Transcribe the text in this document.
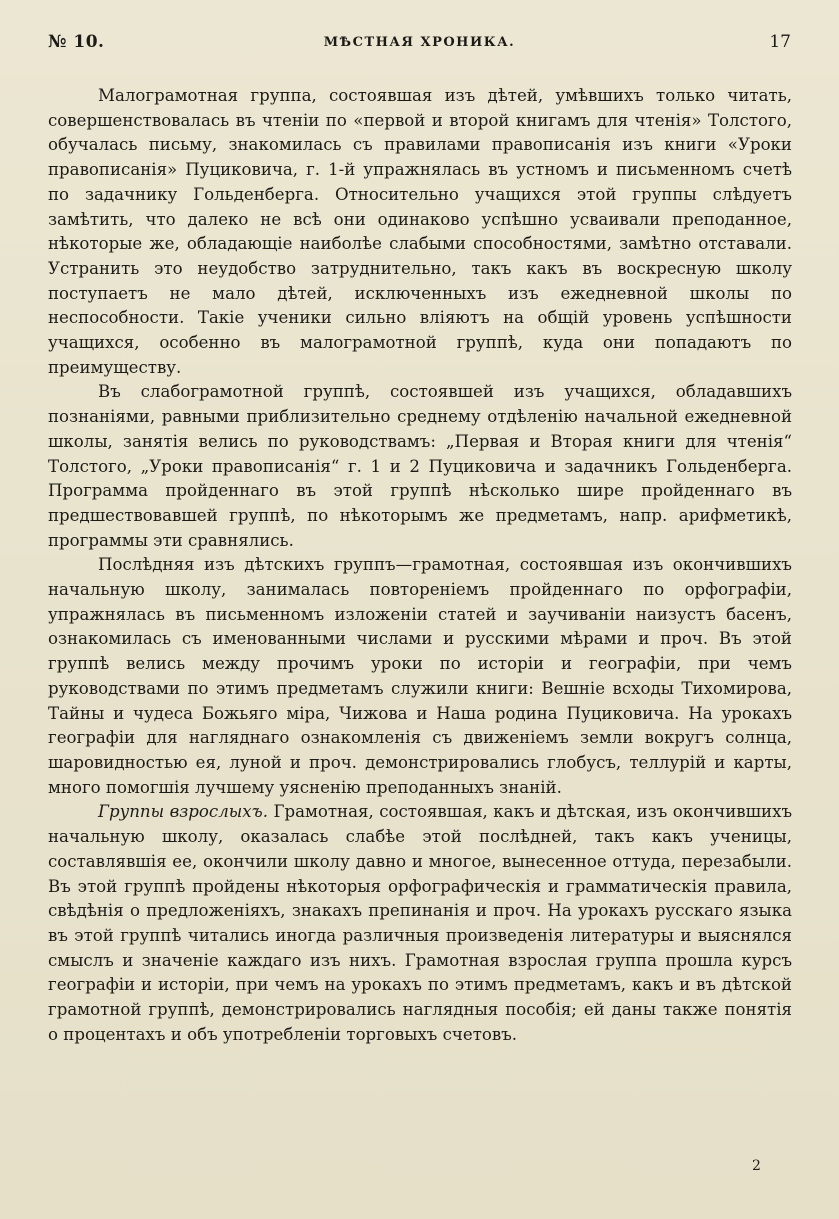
№ 10.	МѢСТНАЯ ХРОНИКА.	17

Малограмотная группа, состоявшая изъ дѣтей, умѣвшихъ только читать, совершенствовалась въ чтеніи по «первой и второй книгамъ для чтенія» Толстого, обучалась письму, знакомилась съ правилами правописанія изъ книги «Уроки правописанія» Пуциковича, г. 1-й упражнялась въ устномъ и письменномъ счетѣ по задачнику Гольденберга. Относительно учащихся этой группы слѣдуетъ замѣтить, что далеко не всѣ они одинаково успѣшно усваивали преподанное, нѣкоторые же, обладающіе наиболѣе слабыми способностями, замѣтно отставали. Устранить это неудобство затруднительно, такъ какъ въ воскресную школу поступаетъ не мало дѣтей, исключенныхъ изъ ежедневной школы по неспособности. Такіе ученики сильно вліяютъ на общій уровень успѣшности учащихся, особенно въ малограмотной группѣ, куда они попадаютъ по преимуществу.

Въ слабограмотной группѣ, состоявшей изъ учащихся, обладавшихъ познаніями, равными приблизительно среднему отдѣленію начальной ежедневной школы, занятія велись по руководствамъ: „Первая и Вторая книги для чтенія“ Толстого, „Уроки правописанія“ г. 1 и 2 Пуциковича и задачникъ Гольденберга. Программа пройденнаго въ этой группѣ нѣсколько шире пройденнаго въ предшествовавшей группѣ, по нѣкоторымъ же предметамъ, напр. арифметикѣ, программы эти сравнялись.

Послѣдняя изъ дѣтскихъ группъ—грамотная, состоявшая изъ окончившихъ начальную школу, занималась повтореніемъ пройденнаго по орфографіи, упражнялась въ письменномъ изложеніи статей и заучиваніи наизустъ басенъ, ознакомилась съ именованными числами и русскими мѣрами и проч. Въ этой группѣ велись между прочимъ уроки по исторіи и географіи, при чемъ руководствами по этимъ предметамъ служили книги: Вешніе всходы Тихомирова, Тайны и чудеса Божьяго міра, Чижова и Наша родина Пуциковича. На урокахъ географіи для нагляднаго ознакомленія съ движеніемъ земли вокругъ солнца, шаровидностью ея, луной и проч. демонстрировались глобусъ, теллурій и карты, много помогшія лучшему уясненію преподанныхъ знаній.

Группы взрослыхъ. Грамотная, состоявшая, какъ и дѣтская, изъ окончившихъ начальную школу, оказалась слабѣе этой послѣдней, такъ какъ ученицы, составлявшія ее, окончили школу давно и многое, вынесенное оттуда, перезабыли. Въ этой группѣ пройдены нѣкоторыя орфографическія и грамматическія правила, свѣдѣнія о предложеніяхъ, знакахъ препинанія и проч. На урокахъ русскаго языка въ этой группѣ читались иногда различныя произведенія литературы и выяснялся смыслъ и значеніе каждаго изъ нихъ. Грамотная взрослая группа прошла курсъ географіи и исторіи, при чемъ на урокахъ по этимъ предметамъ, какъ и въ дѣтской грамотной группѣ, демонстрировались наглядныя пособія; ей даны также понятія о процентахъ и объ употребленіи торговыхъ счетовъ.

2
